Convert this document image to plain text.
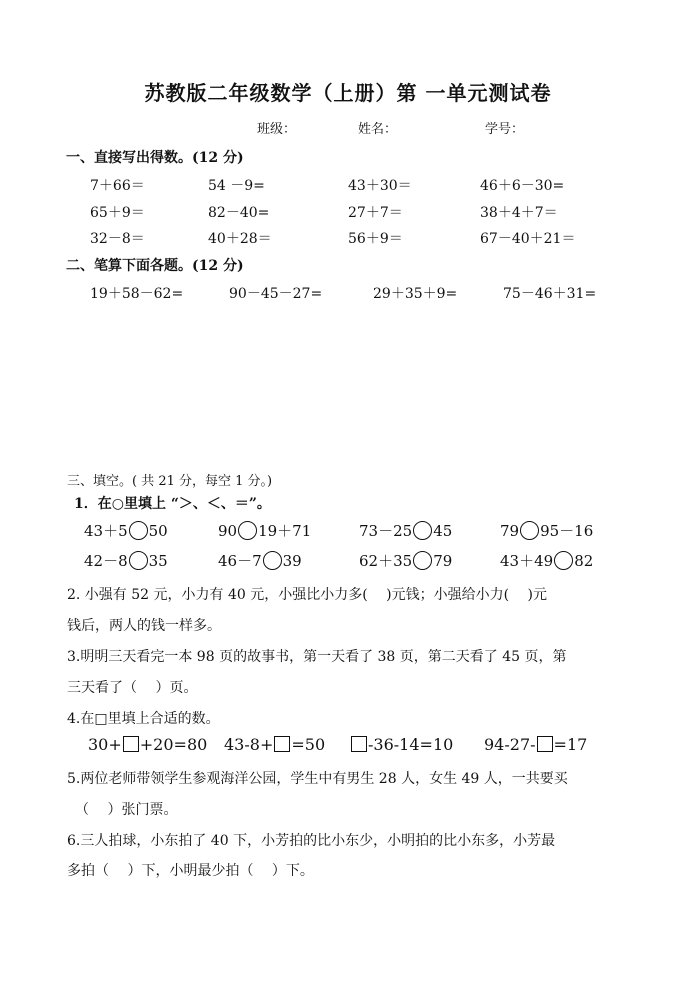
苏教版二年级数学（上册）第 一单元测试卷
班级：	姓名：	学号：
一、直接写出得数。(12 分)
7＋66＝	54 －9=	43＋30＝	46＋6－30=
65＋9＝	82－40=	27＋7＝	38＋4＋7＝
32－8＝	40＋28＝	56＋9＝	67－40＋21＝
二、笔算下面各题。(12 分)
19＋58－62=	90－45－27=	29＋35＋9=	75－46＋31=
三、填空。( 共 21 分，每空 1 分。)
1．在○里填上 “＞、＜、＝”。
43＋5 50	90 19＋71	73－25 45	79 95－16
42－8 35	46－7 39	62＋35 79	43＋49 82
2. 小强有 52 元，小力有 40 元，小强比小力多(　 )元钱；小强给小力(　 )元
钱后，两人的钱一样多。
3.明明三天看完一本 98 页的故事书，第一天看了 38 页，第二天看了 45 页，第
三天看了（　 ）页。
4.在□里填上合适的数。
30+ +20=80 43-8+ =50	-36-14=10 94-27- =17
5.两位老师带领学生参观海洋公园，学生中有男生 28 人，女生 49 人，一共要买
（　 ）张门票。
6.三人拍球，小东拍了 40 下，小芳拍的比小东少，小明拍的比小东多，小芳最
多拍（　 ）下，小明最少拍（　 ）下。
